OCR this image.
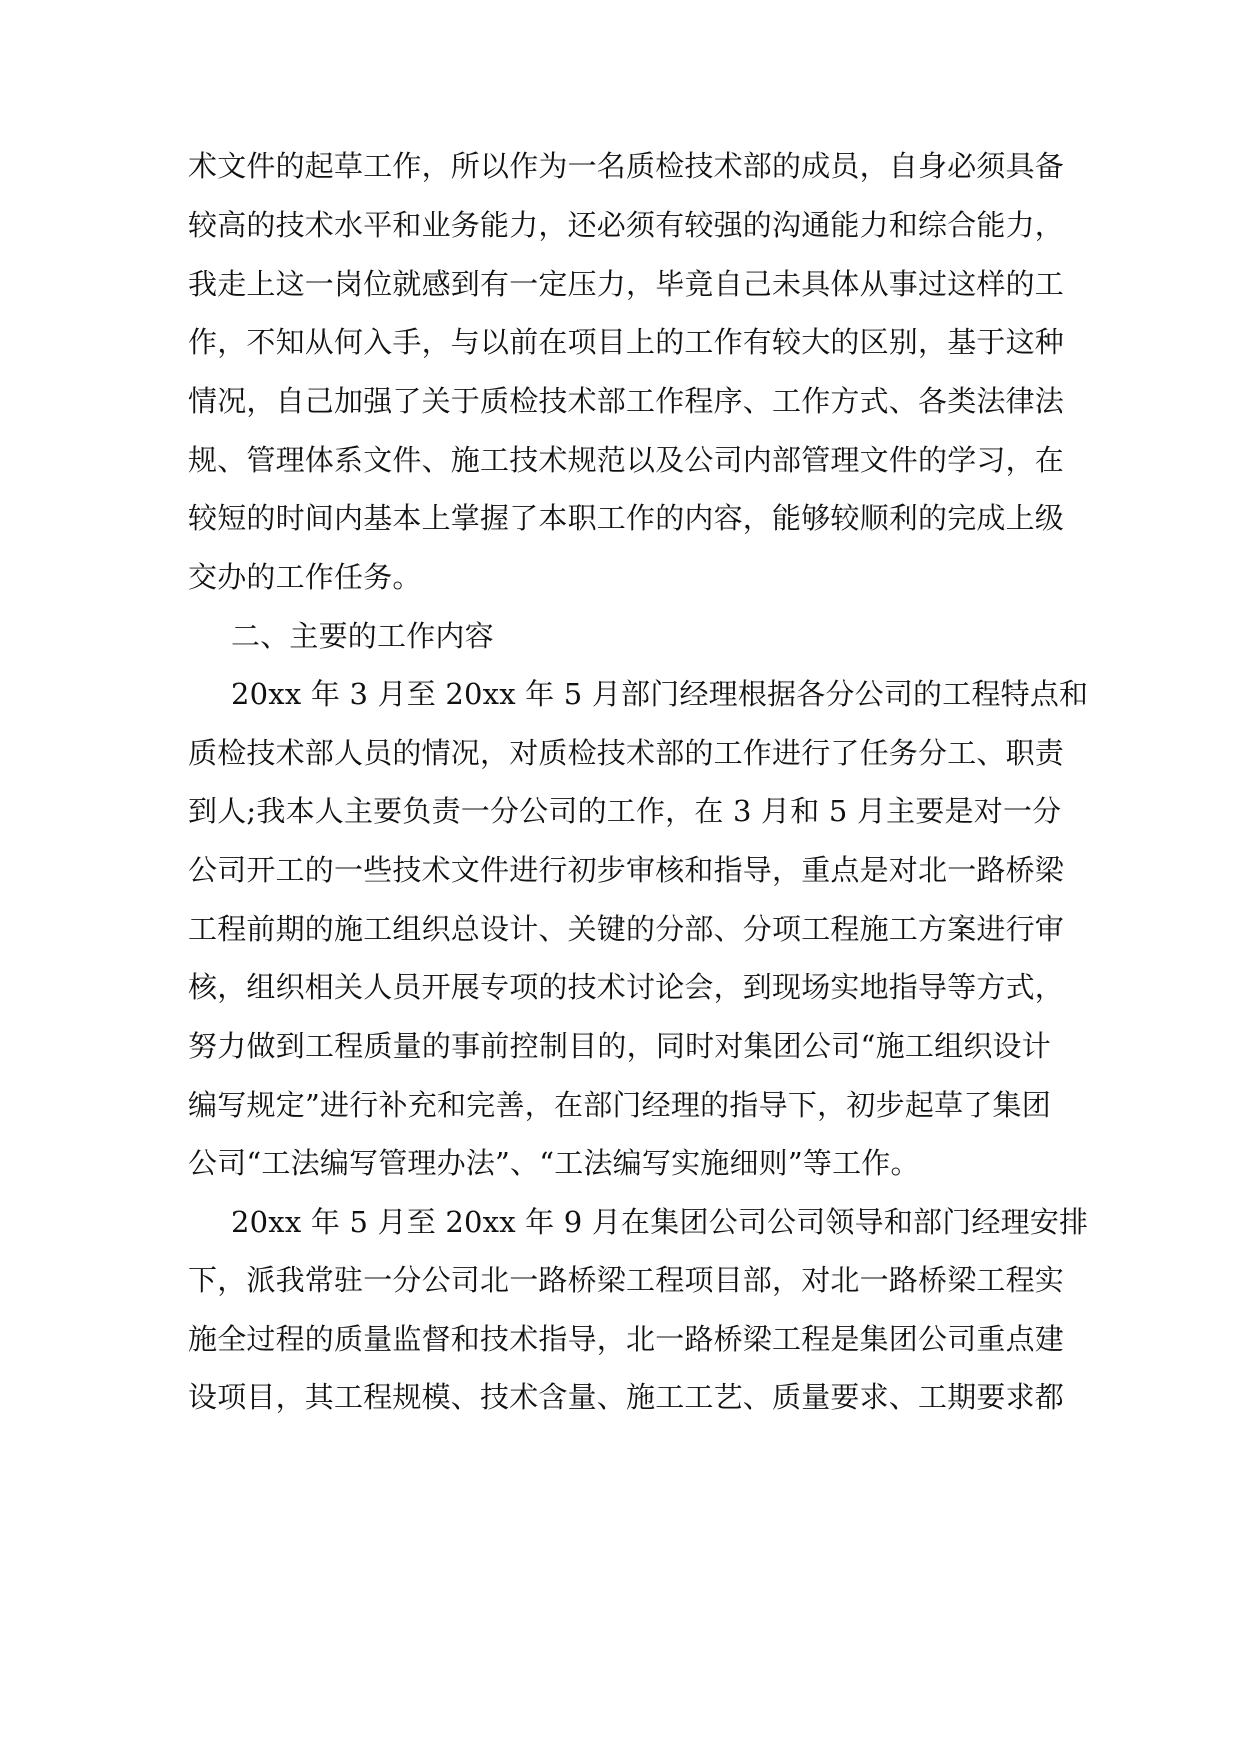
术文件的起草工作，所以作为一名质检技术部的成员，自身必须具备
较高的技术水平和业务能力，还必须有较强的沟通能力和综合能力，
我走上这一岗位就感到有一定压力，毕竟自己未具体从事过这样的工
作，不知从何入手，与以前在项目上的工作有较大的区别，基于这种
情况，自己加强了关于质检技术部工作程序、工作方式、各类法律法
规、管理体系文件、施工技术规范以及公司内部管理文件的学习，在
较短的时间内基本上掌握了本职工作的内容，能够较顺利的完成上级
交办的工作任务。
二、主要的工作内容
20xx 年 3 月至 20xx 年 5 月部门经理根据各分公司的工程特点和
质检技术部人员的情况，对质检技术部的工作进行了任务分工、职责
到人;我本人主要负责一分公司的工作，在 3 月和 5 月主要是对一分
公司开工的一些技术文件进行初步审核和指导，重点是对北一路桥梁
工程前期的施工组织总设计、关键的分部、分项工程施工方案进行审
核，组织相关人员开展专项的技术讨论会，到现场实地指导等方式，
努力做到工程质量的事前控制目的，同时对集团公司“施工组织设计
编写规定”进行补充和完善，在部门经理的指导下，初步起草了集团
公司“工法编写管理办法”、“工法编写实施细则”等工作。
20xx 年 5 月至 20xx 年 9 月在集团公司公司领导和部门经理安排
下，派我常驻一分公司北一路桥梁工程项目部，对北一路桥梁工程实
施全过程的质量监督和技术指导，北一路桥梁工程是集团公司重点建
设项目，其工程规模、技术含量、施工工艺、质量要求、工期要求都
